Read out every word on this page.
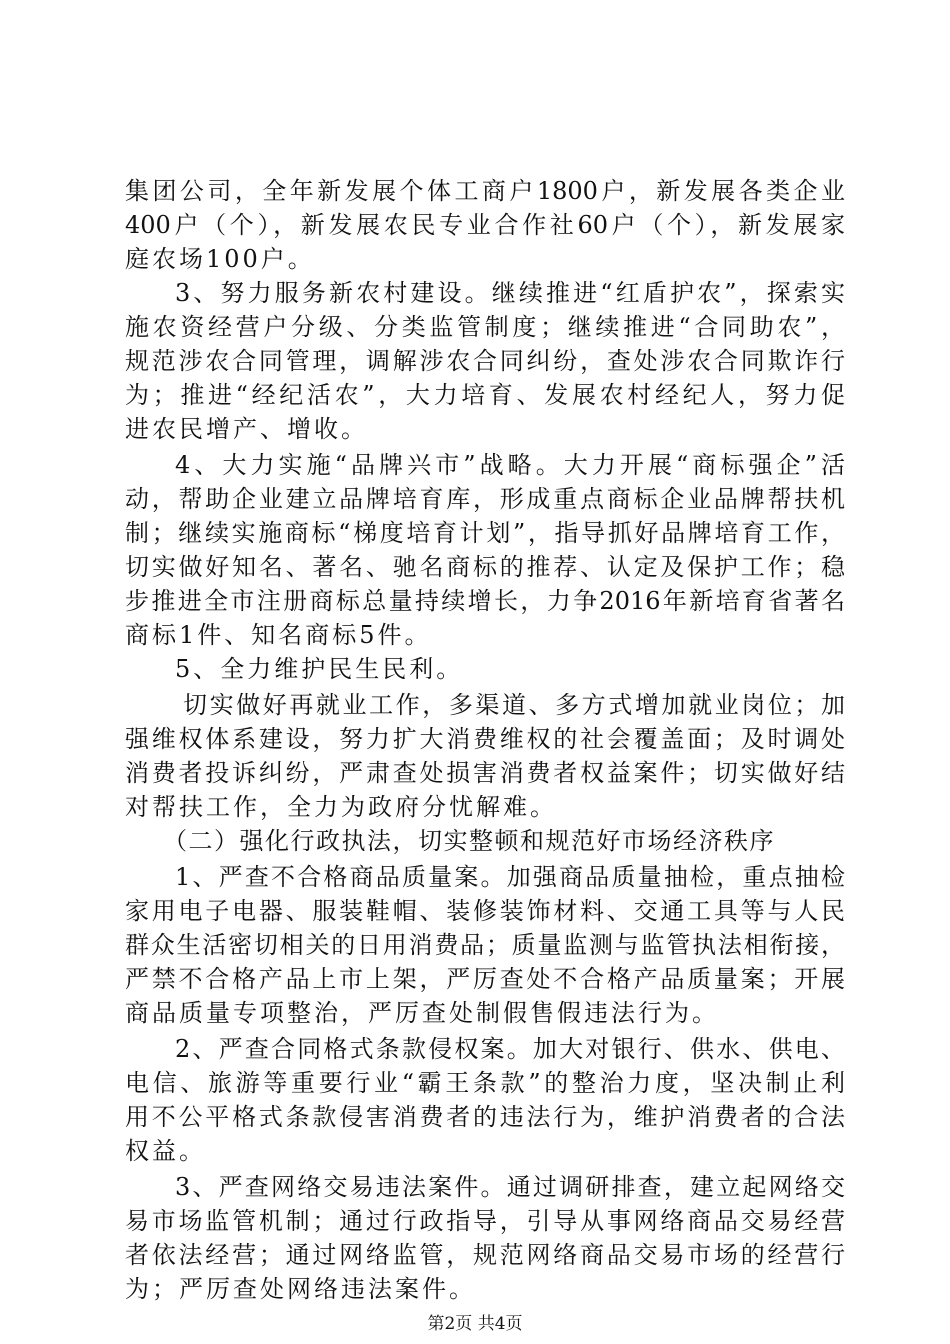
集团公司，全年新发展个体工商户1800户，新发展各类企业
400户（个），新发展农民专业合作社60户（个），新发展家
庭农场100户。
3、努力服务新农村建设。继续推进“红盾护农”，探索实
施农资经营户分级、分类监管制度；继续推进“合同助农”，
规范涉农合同管理，调解涉农合同纠纷，查处涉农合同欺诈行
为；推进“经纪活农”，大力培育、发展农村经纪人，努力促
进农民增产、增收。
4、大力实施“品牌兴市”战略。大力开展“商标强企”活
动，帮助企业建立品牌培育库，形成重点商标企业品牌帮扶机
制；继续实施商标“梯度培育计划”，指导抓好品牌培育工作，
切实做好知名、著名、驰名商标的推荐、认定及保护工作；稳
步推进全市注册商标总量持续增长，力争2016年新培育省著名
商标1件、知名商标5件。
5、全力维护民生民利。
切实做好再就业工作，多渠道、多方式增加就业岗位；加
强维权体系建设，努力扩大消费维权的社会覆盖面；及时调处
消费者投诉纠纷，严肃查处损害消费者权益案件；切实做好结
对帮扶工作，全力为政府分忧解难。
（二）强化行政执法，切实整顿和规范好市场经济秩序
1、严查不合格商品质量案。加强商品质量抽检，重点抽检
家用电子电器、服装鞋帽、装修装饰材料、交通工具等与人民
群众生活密切相关的日用消费品；质量监测与监管执法相衔接，
严禁不合格产品上市上架，严厉查处不合格产品质量案；开展
商品质量专项整治，严厉查处制假售假违法行为。
2、严查合同格式条款侵权案。加大对银行、供水、供电、
电信、旅游等重要行业“霸王条款”的整治力度，坚决制止利
用不公平格式条款侵害消费者的违法行为，维护消费者的合法
权益。
3、严查网络交易违法案件。通过调研排查，建立起网络交
易市场监管机制；通过行政指导，引导从事网络商品交易经营
者依法经营；通过网络监管，规范网络商品交易市场的经营行
为；严厉查处网络违法案件。
第2页 共4页
